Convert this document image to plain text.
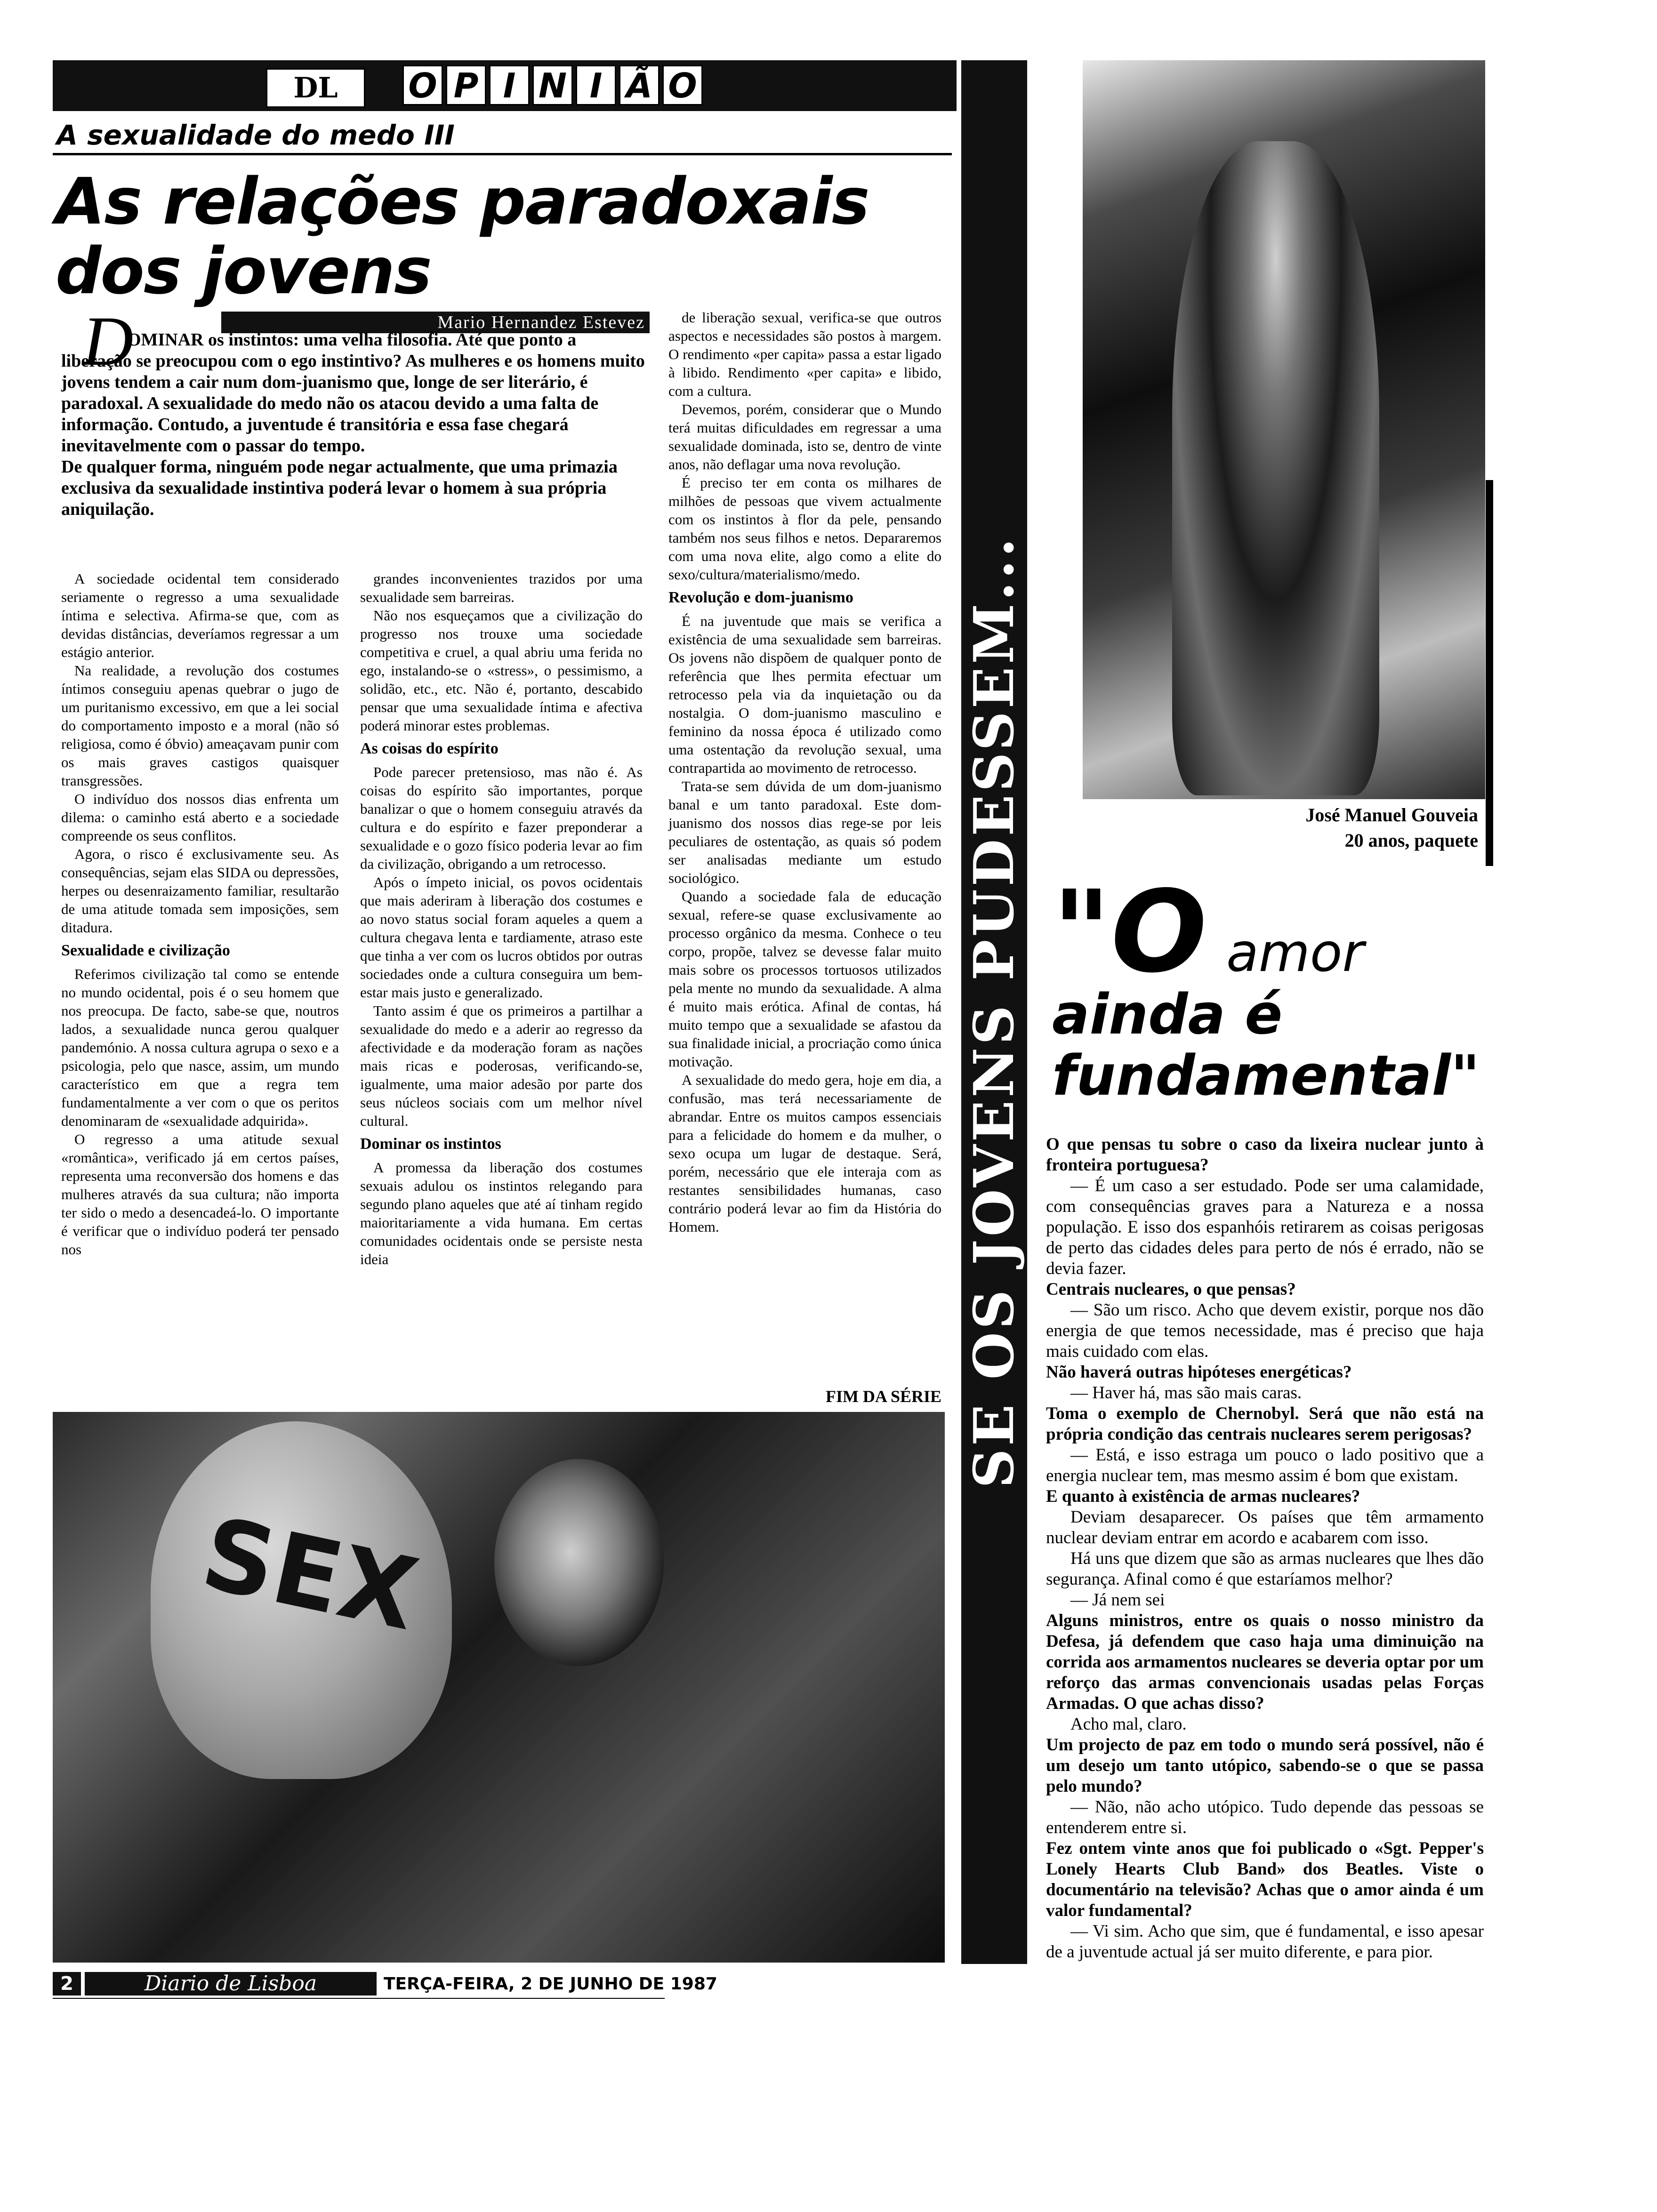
DL	O P I N I Ã O
A sexualidade do medo III
As relações paradoxais
dos jovens
Mario Hernandez Estevez
D

OMINAR os instintos: uma velha filosofia. Até que ponto a liberação se preocupou com o ego instintivo? As mulheres e os homens muito jovens tendem a cair num dom-juanismo que, longe de ser literário, é paradoxal. A sexualidade do medo não os atacou devido a uma falta de informação. Contudo, a juventude é transitória e essa fase chegará inevitavelmente com o passar do tempo.

De qualquer forma, ninguém pode negar actualmente, que uma primazia exclusiva da sexualidade instintiva poderá levar o homem à sua própria aniquilação.

A sociedade ocidental tem considerado seriamente o regresso a uma sexualidade íntima e selectiva. Afirma-se que, com as devidas distâncias, deveríamos regressar a um estágio anterior.

Na realidade, a revolução dos costumes íntimos conseguiu apenas quebrar o jugo de um puritanismo excessivo, em que a lei social do comportamento imposto e a moral (não só religiosa, como é óbvio) ameaçavam punir com os mais graves castigos quaisquer transgressões.

O indivíduo dos nossos dias enfrenta um dilema: o caminho está aberto e a sociedade compreende os seus conflitos.

Agora, o risco é exclusivamente seu. As consequências, sejam elas SIDA ou depressões, herpes ou desenraizamento familiar, resultarão de uma atitude tomada sem imposições, sem ditadura.

Sexualidade e civilização

Referimos civilização tal como se entende no mundo ocidental, pois é o seu homem que nos preocupa. De facto, sabe-se que, noutros lados, a sexualidade nunca gerou qualquer pandemónio. A nossa cultura agrupa o sexo e a psicologia, pelo que nasce, assim, um mundo característico em que a regra tem fundamentalmente a ver com o que os peritos denominaram de «sexualidade adquirida».

O regresso a uma atitude sexual «romântica», verificado já em certos países, representa uma reconversão dos homens e das mulheres através da sua cultura; não importa ter sido o medo a desencadeá-lo. O importante é verificar que o indivíduo poderá ter pensado nos

grandes inconvenientes trazidos por uma sexualidade sem barreiras.

Não nos esqueçamos que a civilização do progresso nos trouxe uma sociedade competitiva e cruel, a qual abriu uma ferida no ego, instalando-se o «stress», o pessimismo, a solidão, etc., etc. Não é, portanto, descabido pensar que uma sexualidade íntima e afectiva poderá minorar estes problemas.

As coisas do espírito

Pode parecer pretensioso, mas não é. As coisas do espírito são importantes, porque banalizar o que o homem conseguiu através da cultura e do espírito e fazer preponderar a sexualidade e o gozo físico poderia levar ao fim da civilização, obrigando a um retrocesso.

Após o ímpeto inicial, os povos ocidentais que mais aderiram à liberação dos costumes e ao novo status social foram aqueles a quem a cultura chegava lenta e tardiamente, atraso este que tinha a ver com os lucros obtidos por outras sociedades onde a cultura conseguira um bem-estar mais justo e generalizado.

Tanto assim é que os primeiros a partilhar a sexualidade do medo e a aderir ao regresso da afectividade e da moderação foram as nações mais ricas e poderosas, verificando-se, igualmente, uma maior adesão por parte dos seus núcleos sociais com um melhor nível cultural.

Dominar os instintos

A promessa da liberação dos costumes sexuais adulou os instintos relegando para segundo plano aqueles que até aí tinham regido maioritariamente a vida humana. Em certas comunidades ocidentais onde se persiste nesta ideia

de liberação sexual, verifica-se que outros aspectos e necessidades são postos à margem. O rendimento «per capita» passa a estar ligado à libido. Rendimento «per capita» e libido, com a cultura.

Devemos, porém, considerar que o Mundo terá muitas dificuldades em regressar a uma sexualidade dominada, isto se, dentro de vinte anos, não deflagar uma nova revolução.

É preciso ter em conta os milhares de milhões de pessoas que vivem actualmente com os instintos à flor da pele, pensando também nos seus filhos e netos. Depararemos com uma nova elite, algo como a elite do sexo/cultura/materialismo/medo.

Revolução e dom-juanismo

É na juventude que mais se verifica a existência de uma sexualidade sem barreiras. Os jovens não dispõem de qualquer ponto de referência que lhes permita efectuar um retrocesso pela via da inquietação ou da nostalgia. O dom-juanismo masculino e feminino da nossa época é utilizado como uma ostentação da revolução sexual, uma contrapartida ao movimento de retrocesso.

Trata-se sem dúvida de um dom-juanismo banal e um tanto paradoxal. Este dom-juanismo dos nossos dias rege-se por leis peculiares de ostentação, as quais só podem ser analisadas mediante um estudo sociológico.

Quando a sociedade fala de educação sexual, refere-se quase exclusivamente ao processo orgânico da mesma. Conhece o teu corpo, propõe, talvez se devesse falar muito mais sobre os processos tortuosos utilizados pela mente no mundo da sexualidade. A alma é muito mais erótica. Afinal de contas, há muito tempo que a sexualidade se afastou da sua finalidade inicial, a procriação como única motivação.

A sexualidade do medo gera, hoje em dia, a confusão, mas terá necessariamente de abrandar. Entre os muitos campos essenciais para a felicidade do homem e da mulher, o sexo ocupa um lugar de destaque. Será, porém, necessário que ele interaja com as restantes sensibilidades humanas, caso contrário poderá levar ao fim da História do Homem.

FIM DA SÉRIE
SEX
2	Diario de Lisboa	TERÇA-FEIRA, 2 DE JUNHO DE 1987
SE OS JOVENS PUDESSEM...	José Manuel Gouveia
20 anos, paquete
"O amor
ainda é
fundamental"

O que pensas tu sobre o caso da lixeira nuclear junto à fronteira portuguesa?

— É um caso a ser estudado. Pode ser uma calamidade, com consequências graves para a Natureza e a nossa população. E isso dos espanhóis retirarem as coisas perigosas de perto das cidades deles para perto de nós é errado, não se devia fazer.

Centrais nucleares, o que pensas?

— São um risco. Acho que devem existir, porque nos dão energia de que temos necessidade, mas é preciso que haja mais cuidado com elas.

Não haverá outras hipóteses energéticas?

— Haver há, mas são mais caras.

Toma o exemplo de Chernobyl. Será que não está na própria condição das centrais nucleares serem perigosas?

— Está, e isso estraga um pouco o lado positivo que a energia nuclear tem, mas mesmo assim é bom que existam.

E quanto à existência de armas nucleares?

Deviam desaparecer. Os países que têm armamento nuclear deviam entrar em acordo e acabarem com isso.

Há uns que dizem que são as armas nucleares que lhes dão segurança. Afinal como é que estaríamos melhor?

— Já nem sei

Alguns ministros, entre os quais o nosso ministro da Defesa, já defendem que caso haja uma diminuição na corrida aos armamentos nucleares se deveria optar por um reforço das armas convencionais usadas pelas Forças Armadas. O que achas disso?

Acho mal, claro.

Um projecto de paz em todo o mundo será possível, não é um desejo um tanto utópico, sabendo-se o que se passa pelo mundo?

— Não, não acho utópico. Tudo depende das pessoas se entenderem entre si.

Fez ontem vinte anos que foi publicado o «Sgt. Pepper's Lonely Hearts Club Band» dos Beatles. Viste o documentário na televisão? Achas que o amor ainda é um valor fundamental?

— Vi sim. Acho que sim, que é fundamental, e isso apesar de a juventude actual já ser muito diferente, e para pior.
